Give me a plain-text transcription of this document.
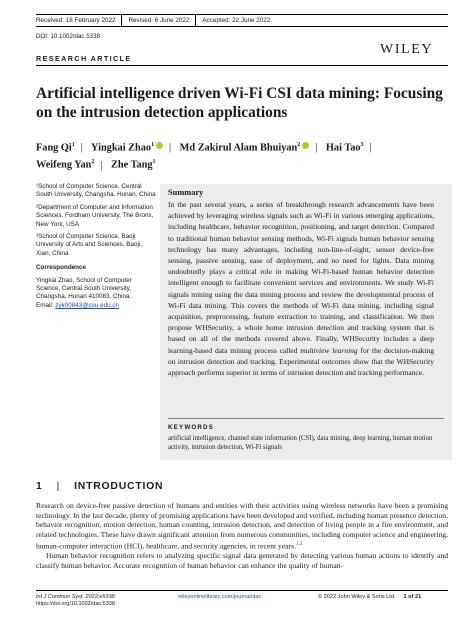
Received: 18 February 2022	Revised: 6 June 2022	Accepted: 22 June 2022
DOI: 10.1002/dac.5338
WILEY
RESEARCH ARTICLE
Artificial intelligence driven Wi-Fi CSI data mining: Focusing on the intrusion detection applications
Fang Qi$^1$ | Yingkai Zhao$^1$ | Md Zakirul Alam Bhuiyan$^2$ | Hai Tao$^3$ |
Weifeng Yan$^2$ | Zhe Tang$^1$

¹School of Computer Science, Central South University, Changsha, Hunan, China

²Department of Computer and Information Sciences, Fordham University, The Bronx, New York, USA

³School of Computer Science, Baoji University of Arts and Sciences, Baoji, Xian, China

Correspondence

Yingkai Zhao, School of Computer Science, Central South University, Changsha, Hunan 410083, China.
Email: zyk00843@csu.edu.cn

Summary
In the past several years, a series of breakthrough research advancements have been achieved by leveraging wireless signals such as Wi-Fi in various emerging applications, including healthcare, behavior recognition, positioning, and target detection. Compared to traditional human behavior sensing methods, Wi-Fi signals human behavior sensing technology has many advantages, including non-line-of-sight, sensor device-free sensing, passive sensing, ease of deployment, and no need for lights. Data mining undoubtedly plays a critical role in making Wi-Fi-based human behavior detection intelligent enough to facilitate convenient services and environments. We study Wi-Fi signals mining using the data mining process and review the developmental process of Wi-Fi data mining. This covers the methods of Wi-Fi data mining, including signal acquisition, preprocessing, feature extraction to training, and classification. We then propose WHSecurity, a whole home intrusion detection and tracking system that is based on all of the methods covered above. Finally, WHSecurity includes a deep learning-based data mining process called multiview learning for the decision-making on intrusion detection and tracking. Experimental outcomes show that the WHSecurity approach performs superior in terms of intrusion detection and tracking performance.
KEYWORDS
artificial intelligence, channel state information (CSI), data mining, deep learning, human motion activity, intrusion detection, Wi-Fi signals
1 | INTRODUCTION

Research on device-free passive detection of humans and entities with their activities using wireless networks have been a promising technology. In the last decade, plenty of promising applications have been developed and verified, including human presence detection, behavior recognition, motion detection, human counting, intrusion detection, and detection of living people in a fire environment, and related technologies. These have drawn significant attention from numerous communities, including computer science and engineering, human-computer interaction (HCI), healthcare, and security agencies, in recent years.$^{1,2}$

Human behavior recognition refers to analyzing specific signal data generated by detecting various human actions to identify and classify human behavior. Accurate recognition of human behavior can enhance the quality of human-

Int J Commun Syst. 2022;e5338.
https://doi.org/10.1002/dac.5338
wileyonlinelibrary.com/journal/dac	© 2022 John Wiley & Sons Ltd. 1 of 21
